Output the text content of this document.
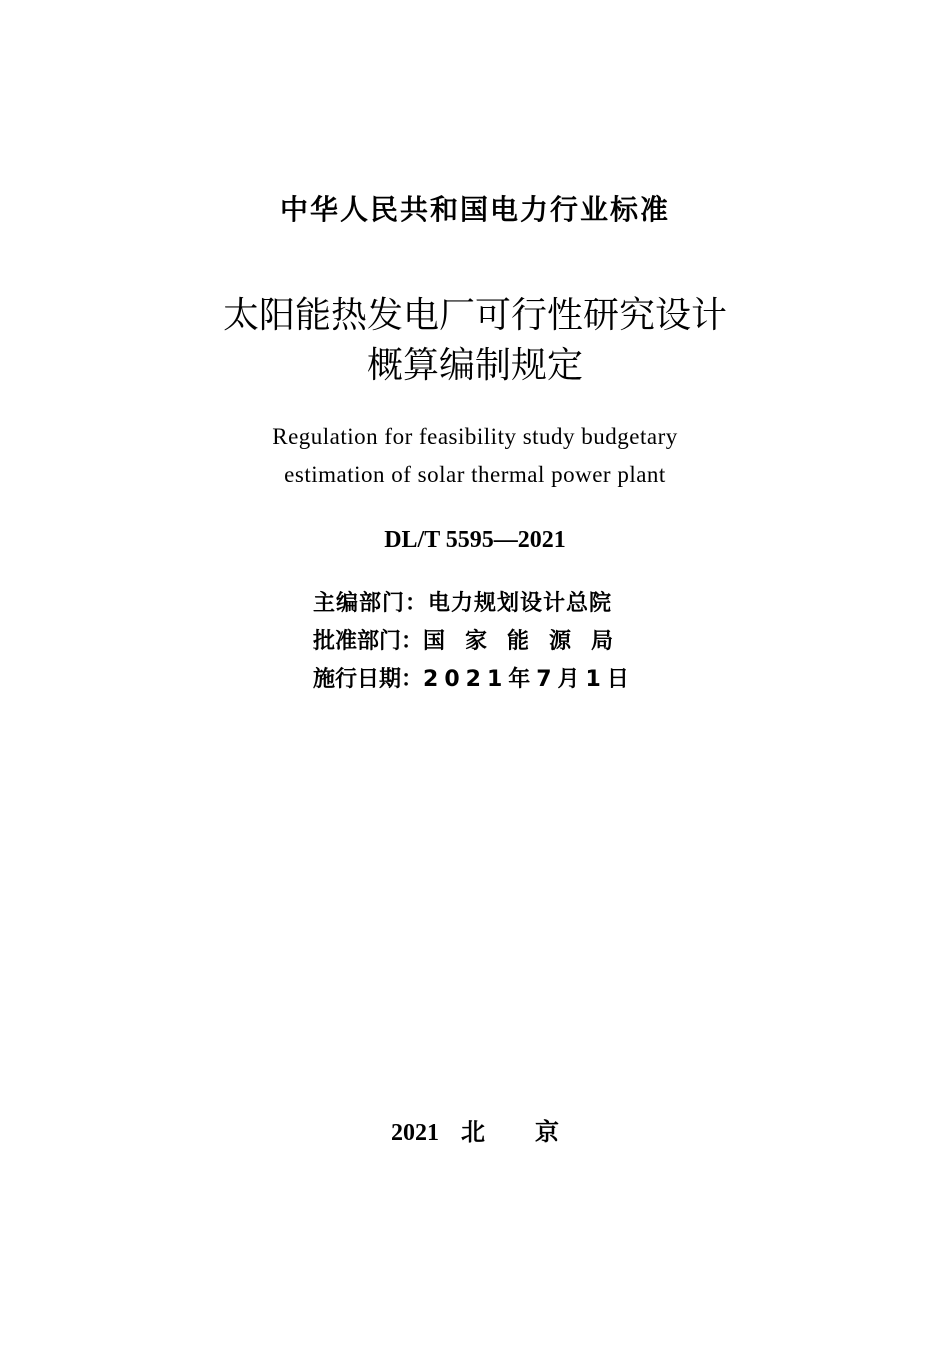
中华人民共和国电力行业标准
太阳能热发电厂可行性研究设计
概算编制规定
Regulation for feasibility study budgetary
estimation of solar thermal power plant
DL/T 5595—2021
主编部门：电力规划设计总院
批准部门：国家能源局
施行日期：2021年7月1日
2021 北京
